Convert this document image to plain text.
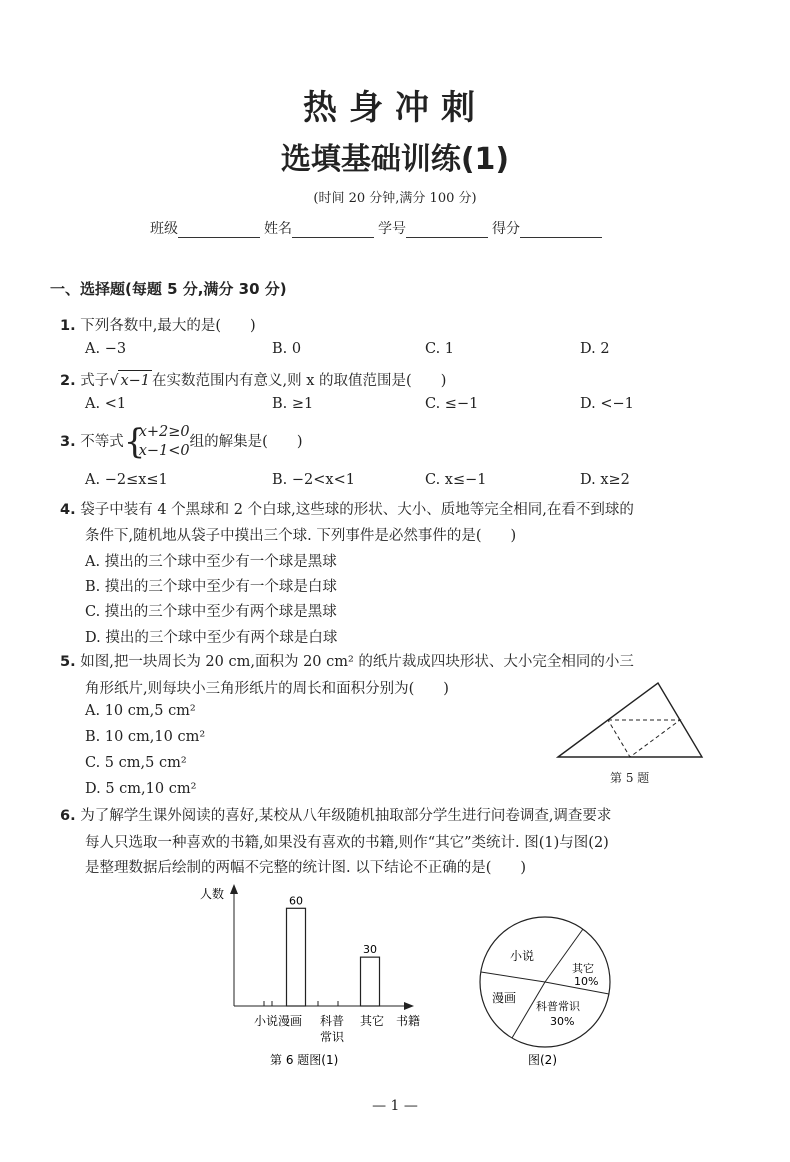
热身冲刺
选填基础训练(1)
(时间 20 分钟,满分 100 分)
班级	姓名	学号	得分
一、选择题(每题 5 分,满分 30 分)
1. 下列各数中,最大的是(　　)
A. −3	B. 0	C. 1	D. 2
2. 式子√ x−1 在实数范围内有意义,则 x 的取值范围是(　　)
A. <1	B. ≥1	C. ≤−1	D. <−1
3. 不等式 {
x+2≥0
x−1<0
组的解集是(　　)
A. −2≤x≤1	B. −2<x<1	C. x≤−1	D. x≥2
4. 袋子中装有 4 个黑球和 2 个白球,这些球的形状、大小、质地等完全相同,在看不到球的
条件下,随机地从袋子中摸出三个球. 下列事件是必然事件的是(　　)
A. 摸出的三个球中至少有一个球是黑球
B. 摸出的三个球中至少有一个球是白球
C. 摸出的三个球中至少有两个球是黑球
D. 摸出的三个球中至少有两个球是白球
5. 如图,把一块周长为 20 cm,面积为 20 cm² 的纸片裁成四块形状、大小完全相同的小三
角形纸片,则每块小三角形纸片的周长和面积分别为(　　)
A. 10 cm,5 cm²
B. 10 cm,10 cm²
C. 5 cm,5 cm²
D. 5 cm,10 cm²
第 5 题
6. 为了解学生课外阅读的喜好,某校从八年级随机抽取部分学生进行问卷调查,调查要求
每人只选取一种喜欢的书籍,如果没有喜欢的书籍,则作“其它”类统计. 图(1)与图(2)
是整理数据后绘制的两幅不完整的统计图. 以下结论不正确的是(　　)
人数
书籍
60
30
小说 漫画 科普
常识
其它
第 6 题图(1)
小说
其它
10%
科普常识
30%
漫画
图(2)
— 1 —
